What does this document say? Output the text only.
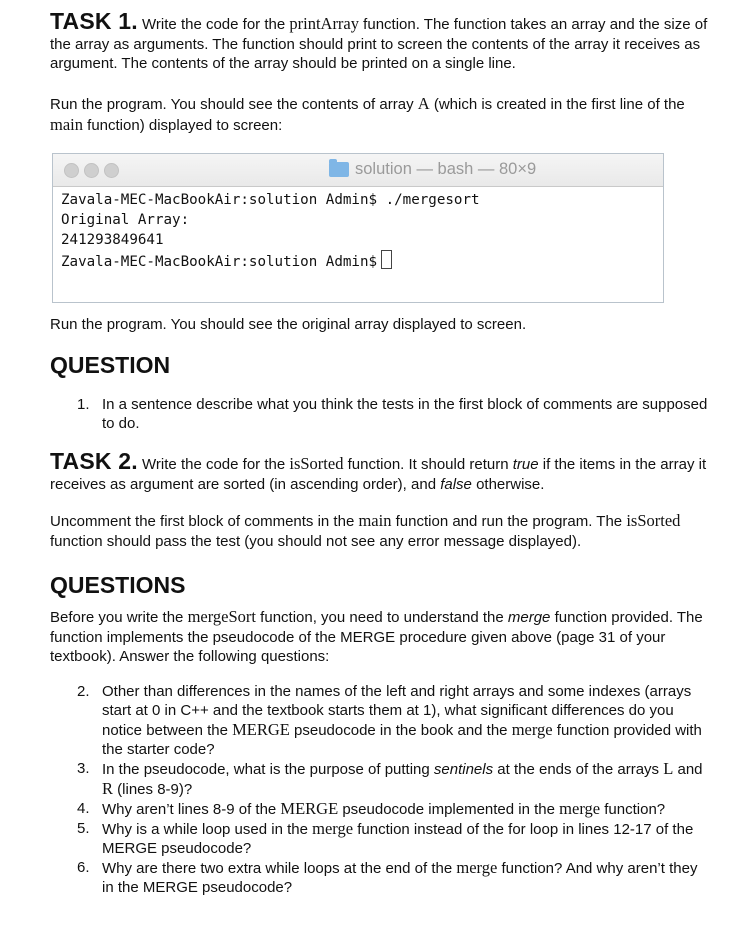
TASK 1. Write the code for the printArray function. The function takes an array and the size of the array as arguments. The function should print to screen the contents of the array it receives as argument. The contents of the array should be printed on a single line.

Run the program. You should see the contents of array A (which is created in the first line of the main function) displayed to screen:

solution — bash — 80×9
Zavala-MEC-MacBookAir:solution Admin$ ./mergesort
Original Array:
241293849641
Zavala-MEC-MacBookAir:solution Admin$

Run the program. You should see the original array displayed to screen.

QUESTION
1. In a sentence describe what you think the tests in the first block of comments are supposed to do.

TASK 2. Write the code for the isSorted function. It should return true if the items in the array it receives as argument are sorted (in ascending order), and false otherwise.

Uncomment the first block of comments in the main function and run the program. The isSorted function should pass the test (you should not see any error message displayed).

QUESTIONS

Before you write the mergeSort function, you need to understand the merge function provided. The function implements the pseudocode of the MERGE procedure given above (page 31 of your textbook). Answer the following questions:

2. Other than differences in the names of the left and right arrays and some indexes (arrays start at 0 in C++ and the textbook starts them at 1), what significant differences do you notice between the MERGE pseudocode in the book and the merge function provided with the starter code?
3. In the pseudocode, what is the purpose of putting sentinels at the ends of the arrays L and R (lines 8-9)?
4. Why aren’t lines 8-9 of the MERGE pseudocode implemented in the merge function?
5. Why is a while loop used in the merge function instead of the for loop in lines 12-17 of the MERGE pseudocode?
6. Why are there two extra while loops at the end of the merge function? And why aren’t they in the MERGE pseudocode?
